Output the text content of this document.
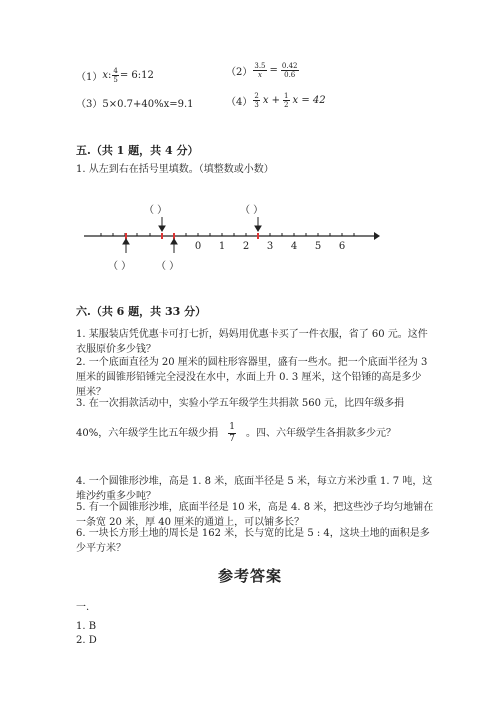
（1） x : $\frac{4}{5}$ = 6:12	$(2) \frac{3.5}{x} = \frac{0.42}{0.6}$
（3）5×0.7+40%x=9.1	$(4) \frac{2}{3}$ $x + \frac{1}{2}$ x = 42
五.（共 1 题，共 4 分）
1. 从左到右在括号里填数。（填整数或小数）
0 1 2 3 4 5 6
（ ）	（ ）
（ ） （ ）
六.（共 6 题，共 33 分）
1. 某服装店凭优惠卡可打七折，妈妈用优惠卡买了一件衣服，省了 60 元。这件
衣服原价多少钱？
2. 一个底面直径为 20 厘米的圆柱形容器里，盛有一些水。把一个底面半径为 3
厘米的圆锥形铅锤完全浸没在水中，水面上升 0. 3 厘米，这个铅锤的高是多少
厘米？
3. 在一次捐款活动中，实验小学五年级学生共捐款 560 元，比四年级多捐
40%，六年级学生比五年级少捐 $\frac{1}{7}$ 。四、六年级学生各捐款多少元？
4. 一个圆锥形沙堆，高是 1. 8 米，底面半径是 5 米，每立方米沙重 1. 7 吨，这
堆沙约重多少吨？
5. 有一个圆锥形沙堆，底面半径是 10 米，高是 4. 8 米，把这些沙子均匀地铺在
一条宽 20 米，厚 40 厘米的通道上，可以铺多长？
6. 一块长方形土地的周长是 162 米，长与宽的比是 5 : 4，这块土地的面积是多
少平方米？
参考答案
一.
1. B
2. D
